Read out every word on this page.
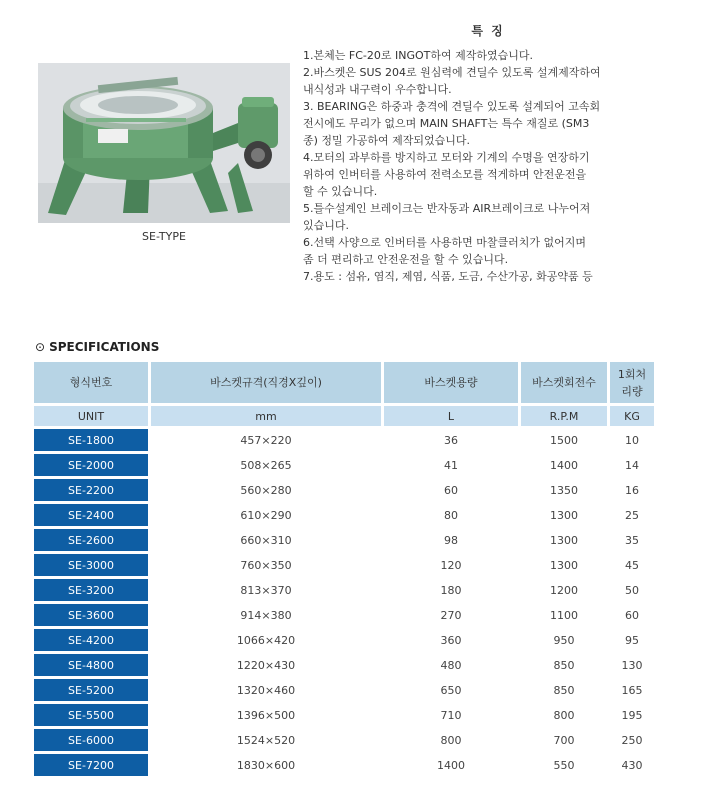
SE-TYPE
특 징
1.본체는 FC-20로 INGOT하여 제작하였습니다.
2.바스켓은 SUS 204로 원심력에 견딜수 있도록 설계제작하여
내식성과 내구력이 우수합니다.
3. BEARING은 하중과 충격에 견딜수 있도록 설계되어 고속회
전시에도 무리가 없으며 MAIN SHAFT는 특수 재질로 (SM3
종) 정밀 가공하여 제작되었습니다.
4.모터의 과부하를 방지하고 모터와 기계의 수명을 연장하기
위하여 인버터를 사용하여 전력소모를 적게하며 안전운전을
할 수 있습니다.
5.틀수설계인 브레이크는 반자동과 AIR브레이크로 나누어져
있습니다.
6.선택 사양으로 인버터를 사용하면 마찰클러치가 없어지며
좀 더 편리하고 안전운전을 할 수 있습니다.
7.용도 : 섬유, 염직, 제염, 식품, 도금, 수산가공, 화공약품 등
⊙ SPECIFICATIONS
형식번호	바스켓규격(직경X깊이)	바스켓용량	바스켓회전수	1회처
리량
UNIT	mm	L	R.P.M	KG
SE-1800	457×220	36	1500	10
SE-2000	508×265	41	1400	14
SE-2200	560×280	60	1350	16
SE-2400	610×290	80	1300	25
SE-2600	660×310	98	1300	35
SE-3000	760×350	120	1300	45
SE-3200	813×370	180	1200	50
SE-3600	914×380	270	1100	60
SE-4200	1066×420	360	950	95
SE-4800	1220×430	480	850	130
SE-5200	1320×460	650	850	165
SE-5500	1396×500	710	800	195
SE-6000	1524×520	800	700	250
SE-7200	1830×600	1400	550	430
